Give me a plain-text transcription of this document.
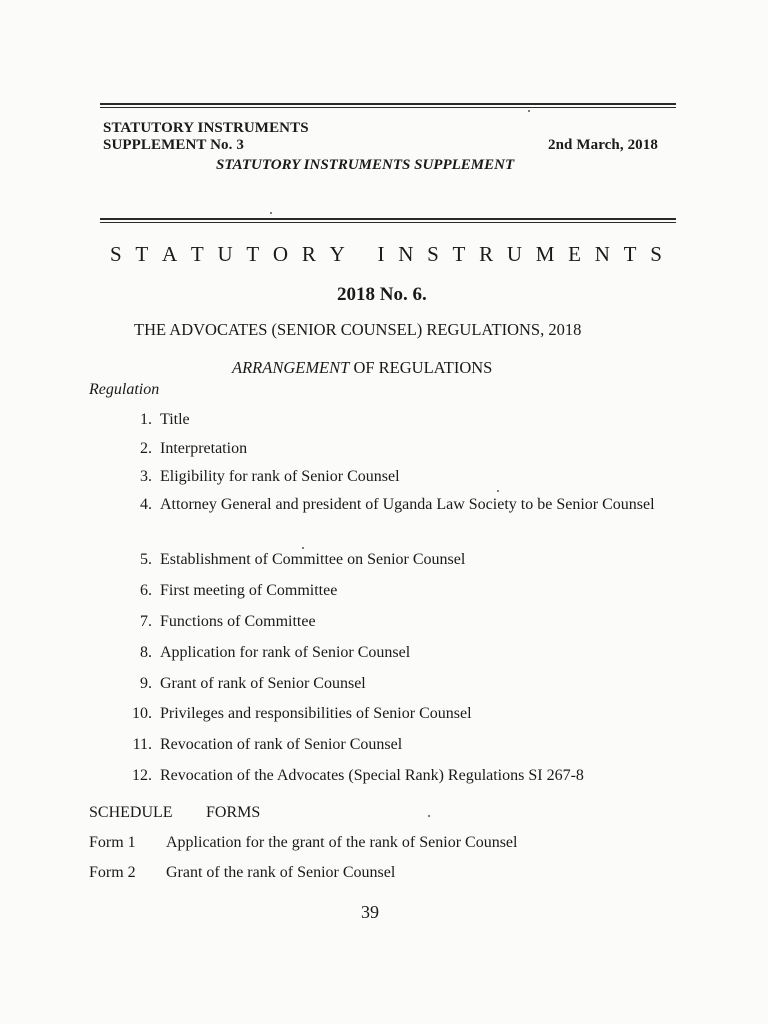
STATUTORY INSTRUMENTS
SUPPLEMENT No. 3	2nd March, 2018
STATUTORY INSTRUMENTS SUPPLEMENT
S T A T U T O R Y
I N S T R U M E N T S
2018 No. 6.
THE ADVOCATES (SENIOR COUNSEL) REGULATIONS, 2018
ARRANGEMENT OF REGULATIONS
Regulation
1. Title
2. Interpretation
3. Eligibility for rank of Senior Counsel
4. Attorney General and president of Uganda Law Society to be Senior Counsel
5. Establishment of Committee on Senior Counsel
6. First meeting of Committee
7. Functions of Committee
8. Application for rank of Senior Counsel
9. Grant of rank of Senior Counsel
10. Privileges and responsibilities of Senior Counsel
11. Revocation of rank of Senior Counsel
12. Revocation of the Advocates (Special Rank) Regulations SI 267-8
SCHEDULE FORMS
Form 1 Application for the grant of the rank of Senior Counsel
Form 2 Grant of the rank of Senior Counsel
39
